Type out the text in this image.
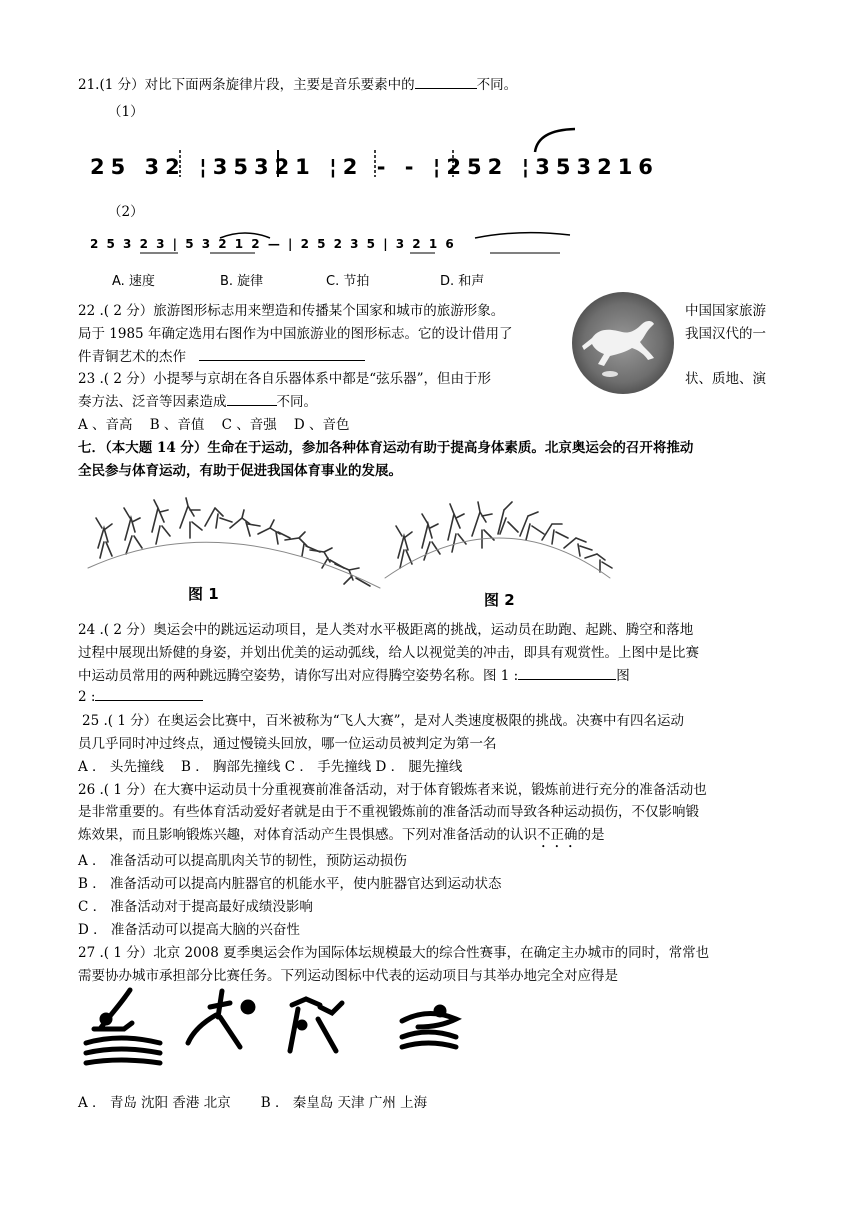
21.(1 分）对比下面两条旋律片段，主要是音乐要素中的	不同。
（1）
25 32 ¦35321 ¦2 - - ¦252 ¦353216
（2）
2 5 3 2 3 | 5 3 2 1 2 — | 2 5 2 3 5 | 3 2 1 6
A. 速度	B. 旋律	C. 节拍	D. 和声
22 .( 2 分）旅游图形标志用来塑造和传播某个国家和城市的旅游形象。	中国国家旅游
局于 1985 年确定选用右图作为中国旅游业的图形标志。它的设计借用了	我国汉代的一
件青铜艺术的杰作
23 .( 2 分）小提琴与京胡在各自乐器体系中都是“弦乐器”，但由于形	状、质地、演
奏方法、泛音等因素造成	不同。
A 、音高 B 、音值 C 、音强 D 、音色
七．（本大题 14 分）生命在于运动，参加各种体育运动有助于提高身体素质。北京奥运会的召开将推动
全民参与体育运动，有助于促进我国体育事业的发展。
图 1	图 2
24 .( 2 分）奥运会中的跳远运动项目，是人类对水平极距离的挑战，运动员在助跑、起跳、腾空和落地
过程中展现出矫健的身姿，并划出优美的运动弧线，给人以视觉美的冲击，即具有观赏性。上图中是比赛
中运动员常用的两种跳远腾空姿势，请你写出对应得腾空姿势名称。图 1 :	图
2 :
25 .( 1 分）在奥运会比赛中，百米被称为“飞人大赛”，是对人类速度极限的挑战。决赛中有四名运动
员几乎同时冲过终点，通过慢镜头回放，哪一位运动员被判定为第一名
A ． 头先撞线 B ． 胸部先撞线 C ． 手先撞线 D ． 腿先撞线
26 .( 1 分）在大赛中运动员十分重视赛前准备活动，对于体育锻炼者来说，锻炼前进行充分的准备活动也
是非常重要的。有些体育活动爱好者就是由于不重视锻炼前的准备活动而导致各种运动损伤，不仅影响锻
炼效果，而且影响锻炼兴趣，对体育活动产生畏惧感。下列对准备活动的认识不正确的是
A ． 准备活动可以提高肌肉关节的韧性，预防运动损伤
B ． 准备活动可以提高内脏器官的机能水平，使内脏器官达到运动状态
C ． 准备活动对于提高最好成绩没影响
D ． 准备活动可以提高大脑的兴奋性
27 .( 1 分）北京 2008 夏季奥运会作为国际体坛规模最大的综合性赛事，在确定主办城市的同时，常常也
需要协办城市承担部分比赛任务。下列运动图标中代表的运动项目与其举办地完全对应得是
A ． 青岛 沈阳 香港 北京 B ． 秦皇岛 天津 广州 上海
